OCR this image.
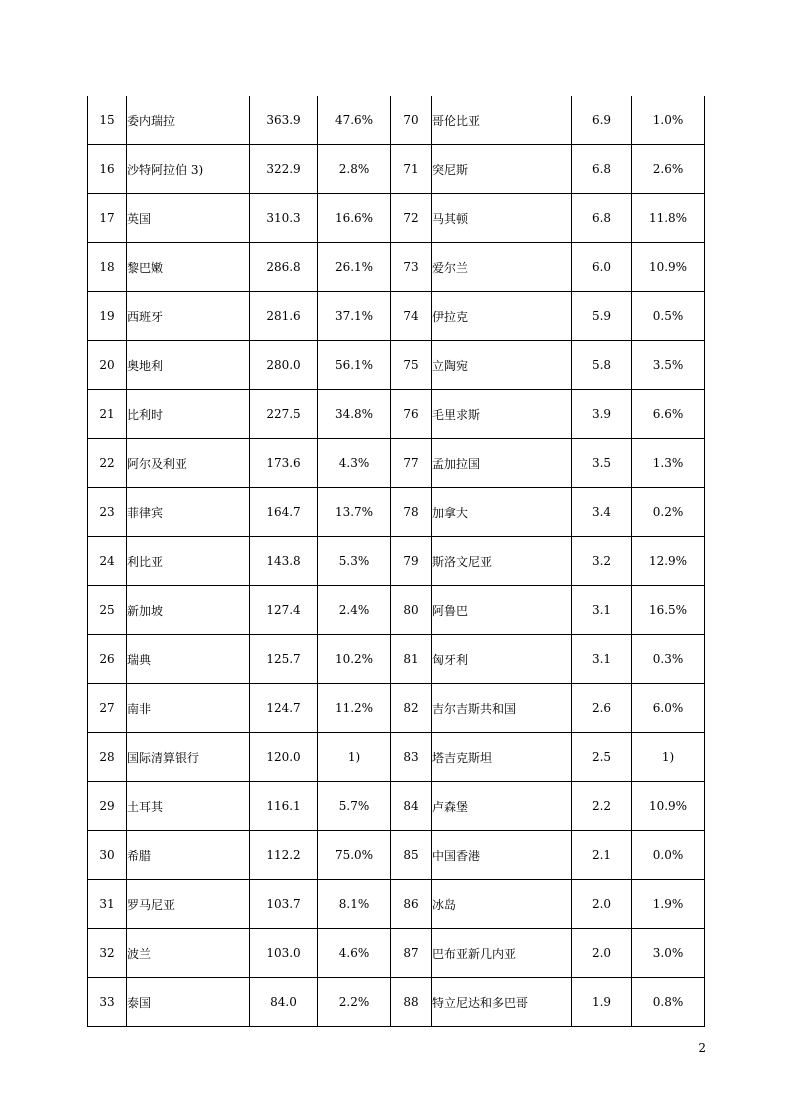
15	委内瑞拉	363.9	47.6%	70	哥伦比亚	6.9	1.0%
16	沙特阿拉伯 3)	322.9	2.8%	71	突尼斯	6.8	2.6%
17	英国	310.3	16.6%	72	马其顿	6.8	11.8%
18	黎巴嫩	286.8	26.1%	73	爱尔兰	6.0	10.9%
19	西班牙	281.6	37.1%	74	伊拉克	5.9	0.5%
20	奥地利	280.0	56.1%	75	立陶宛	5.8	3.5%
21	比利时	227.5	34.8%	76	毛里求斯	3.9	6.6%
22	阿尔及利亚	173.6	4.3%	77	孟加拉国	3.5	1.3%
23	菲律宾	164.7	13.7%	78	加拿大	3.4	0.2%
24	利比亚	143.8	5.3%	79	斯洛文尼亚	3.2	12.9%
25	新加坡	127.4	2.4%	80	阿鲁巴	3.1	16.5%
26	瑞典	125.7	10.2%	81	匈牙利	3.1	0.3%
27	南非	124.7	11.2%	82	吉尔吉斯共和国	2.6	6.0%
28	国际清算银行	120.0	1)	83	塔吉克斯坦	2.5	1)
29	土耳其	116.1	5.7%	84	卢森堡	2.2	10.9%
30	希腊	112.2	75.0%	85	中国香港	2.1	0.0%
31	罗马尼亚	103.7	8.1%	86	冰岛	2.0	1.9%
32	波兰	103.0	4.6%	87	巴布亚新几内亚	2.0	3.0%
33	泰国	84.0	2.2%	88	特立尼达和多巴哥	1.9	0.8%
2
